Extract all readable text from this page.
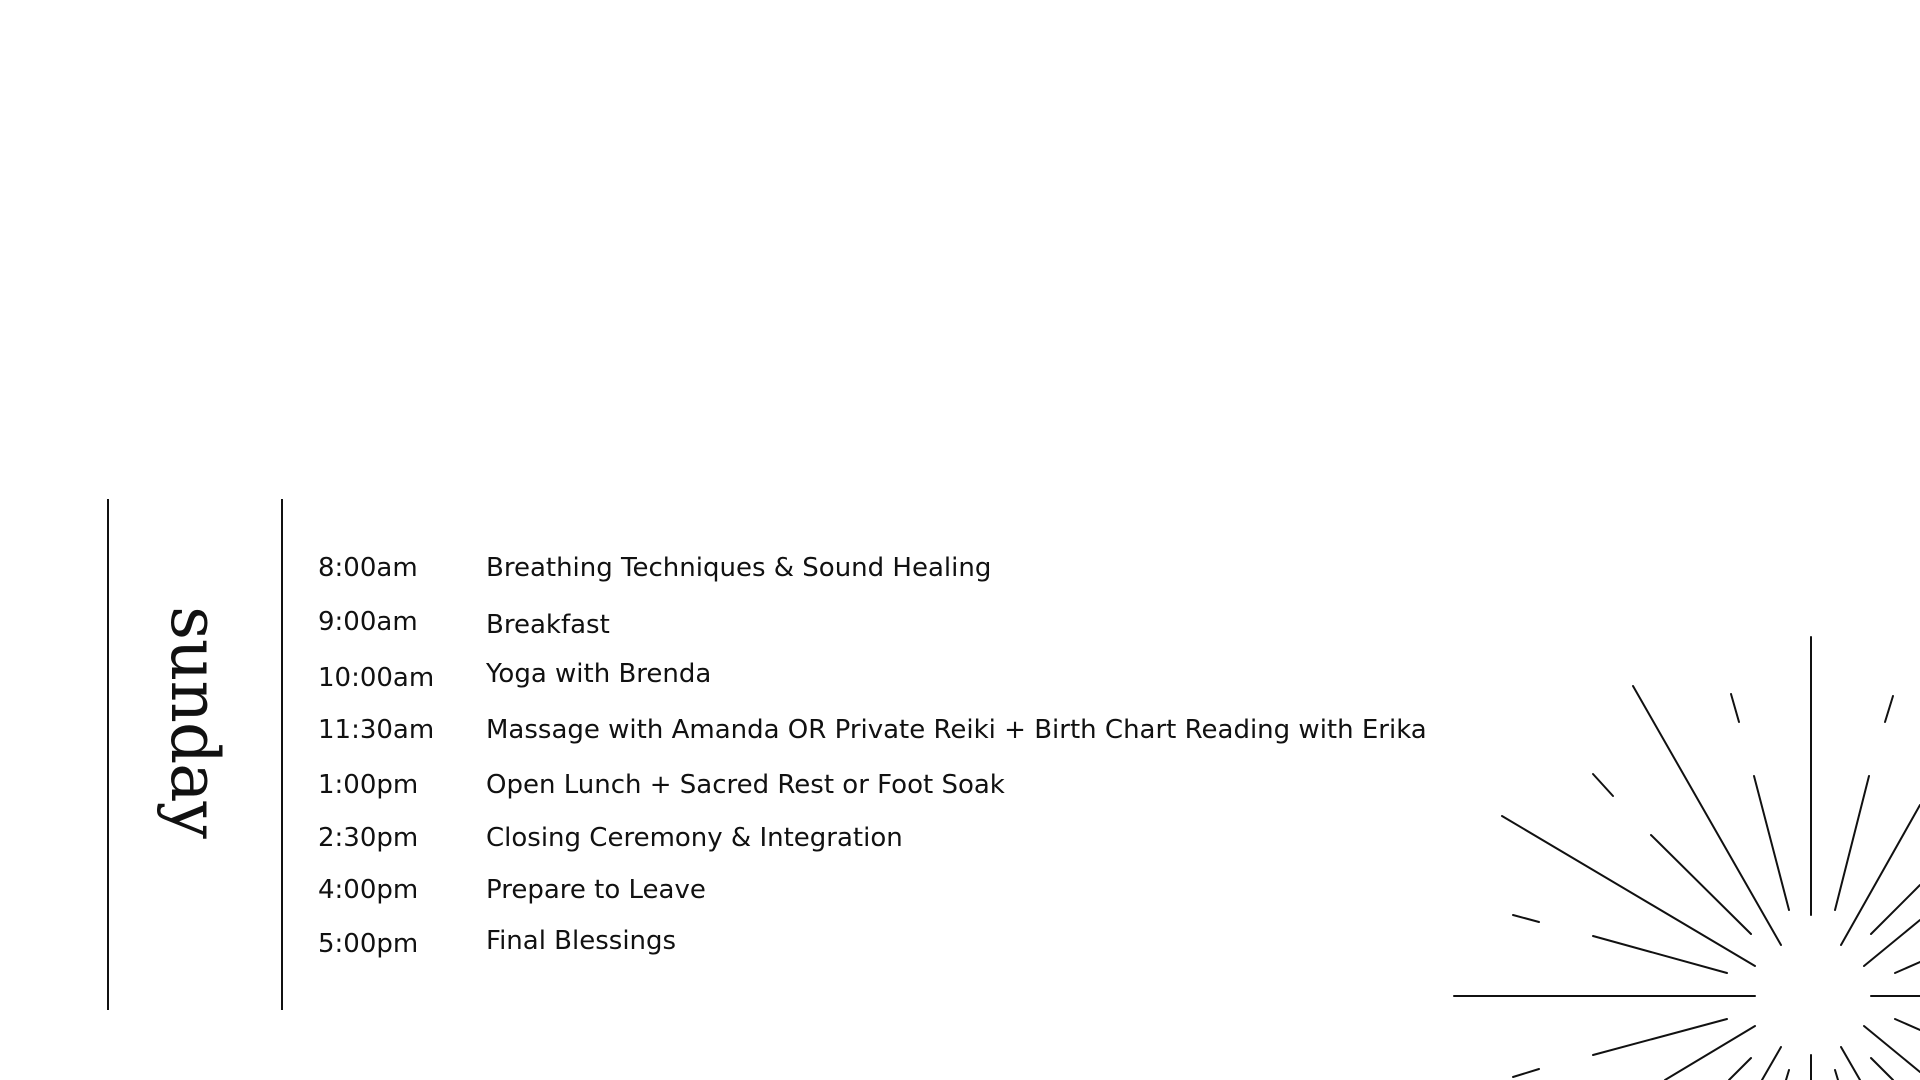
sunday
8:00am	Breathing Techniques & Sound Healing
9:00am	Breakfast
10:00am	Yoga with Brenda
11:30am	Massage with Amanda OR Private Reiki + Birth Chart Reading with Erika
1:00pm	Open Lunch + Sacred Rest or Foot Soak
2:30pm	Closing Ceremony & Integration
4:00pm	Prepare to Leave
5:00pm	Final Blessings
